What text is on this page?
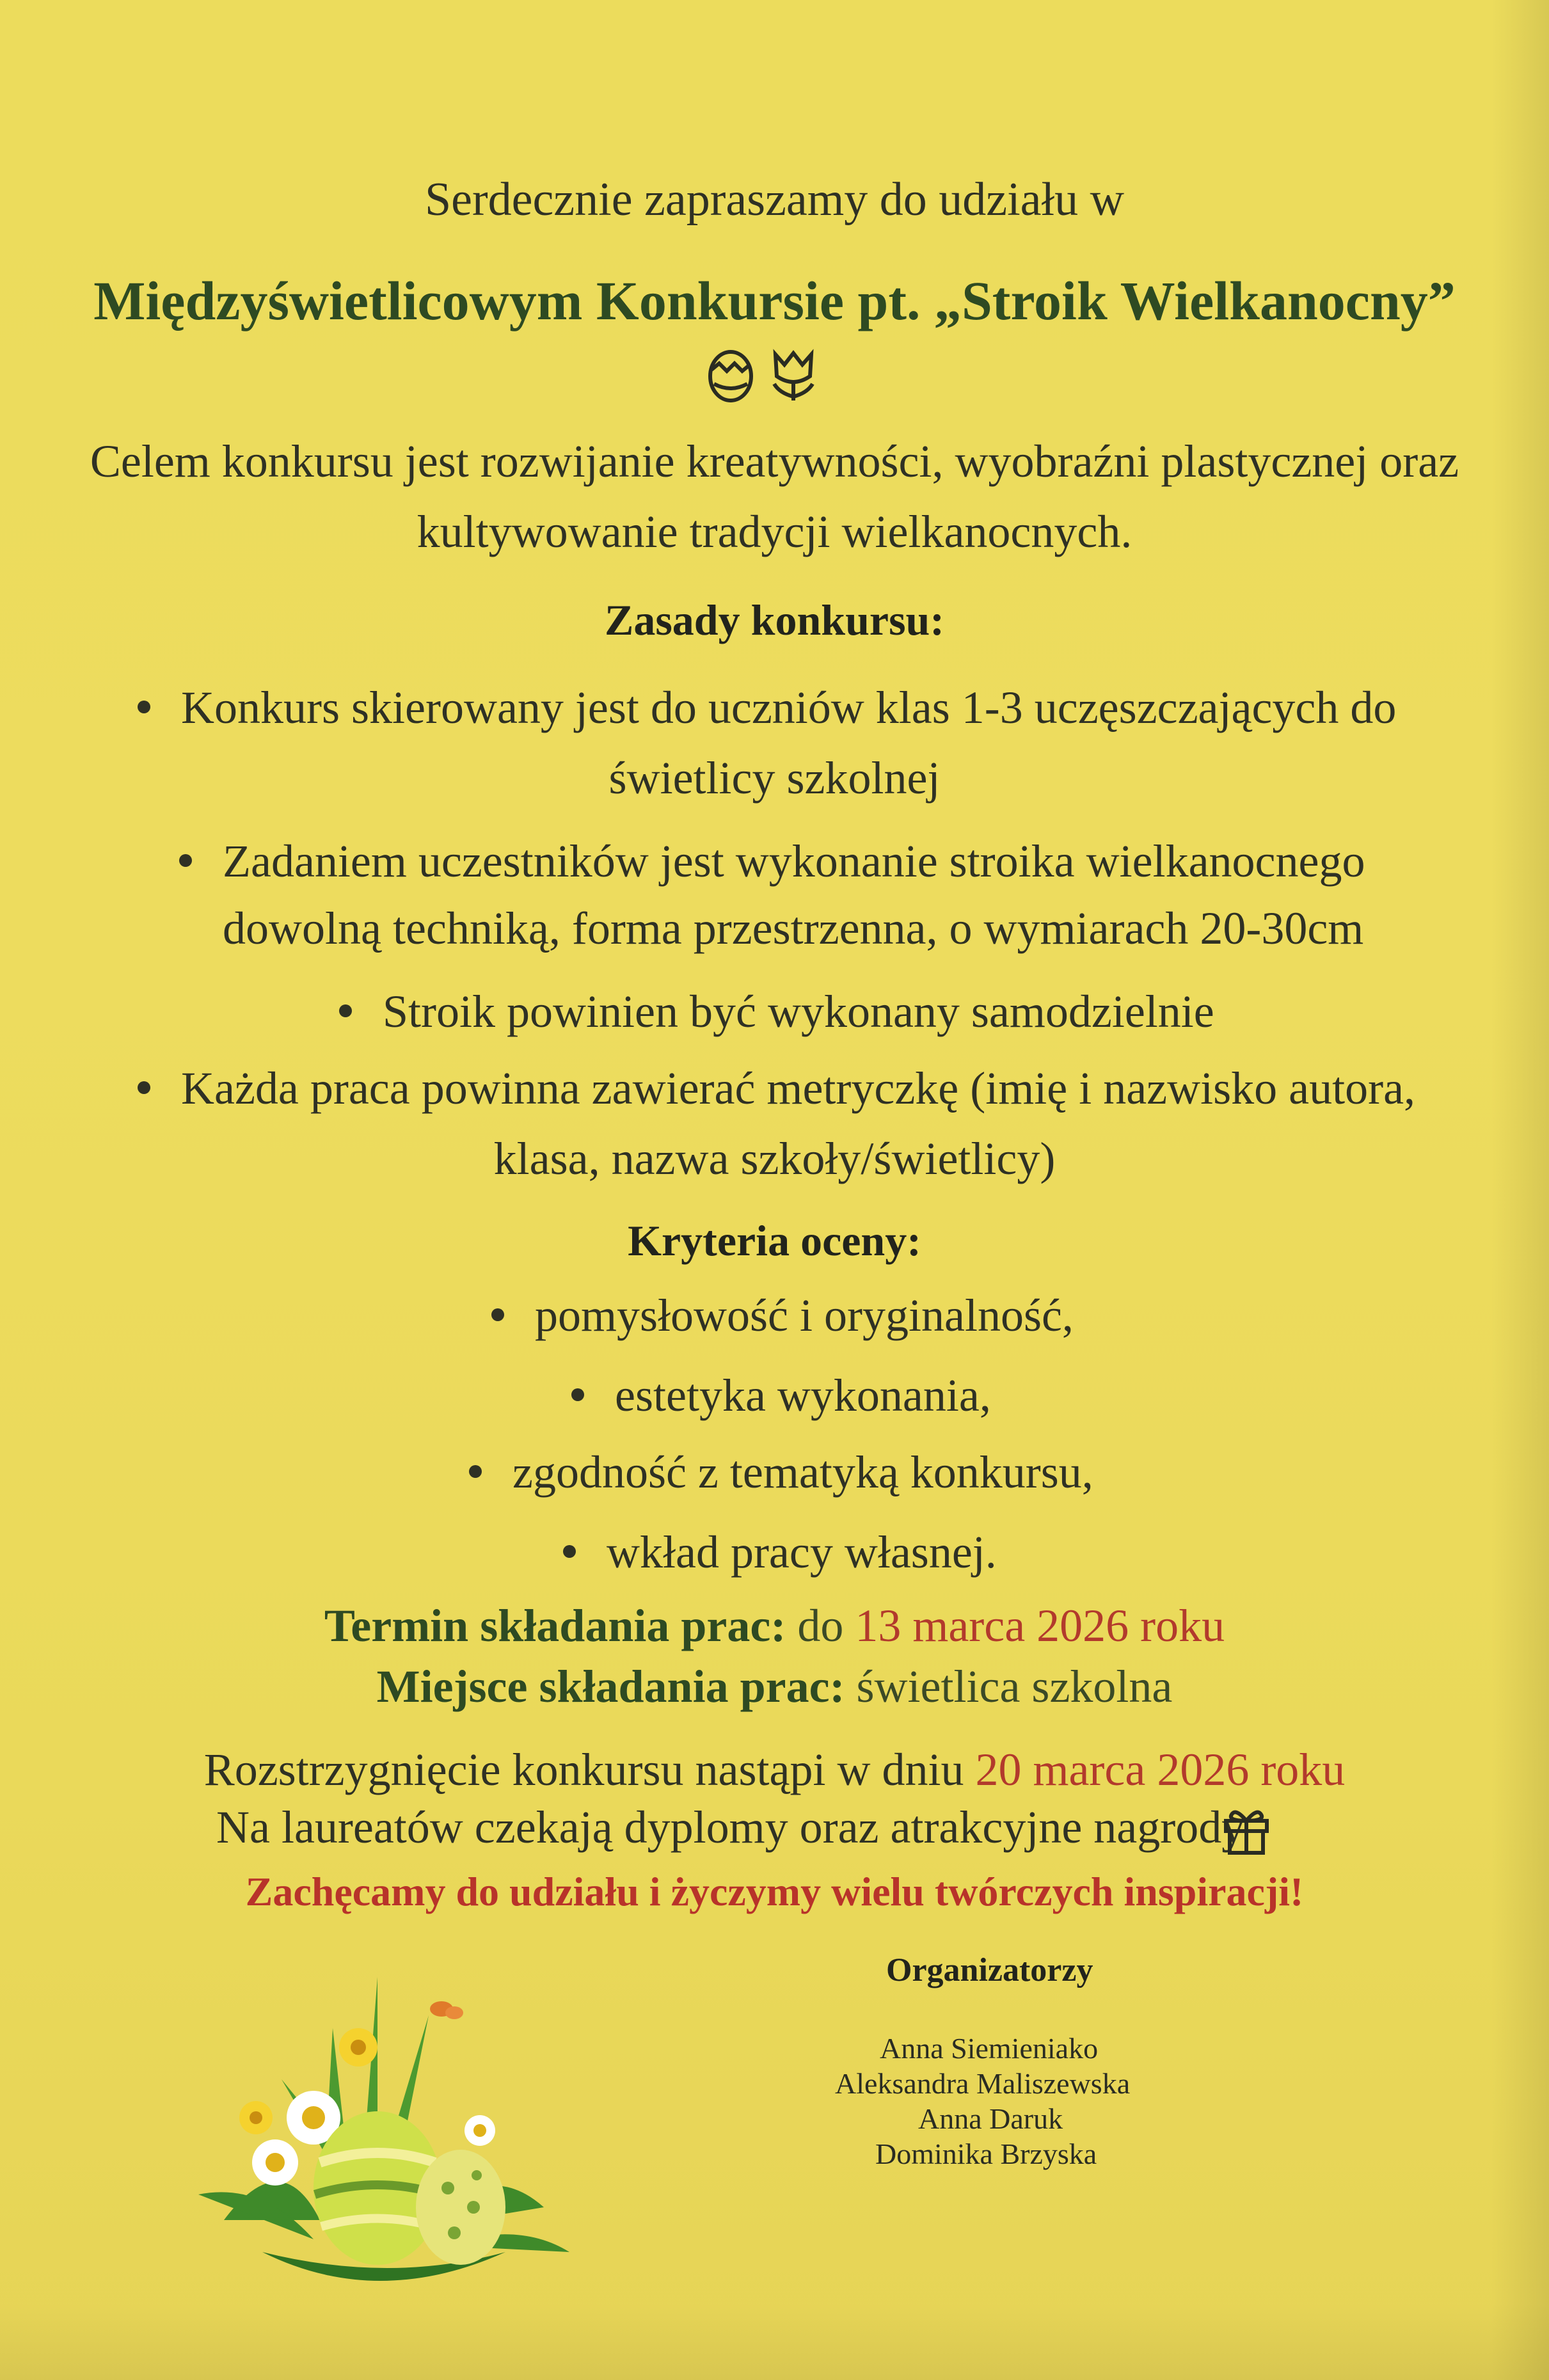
Serdecznie zapraszamy do udziału w
Międzyświetlicowym Konkursie pt. „Stroik Wielkanocny”
Celem konkursu jest rozwijanie kreatywności, wyobraźni plastycznej oraz
kultywowanie tradycji wielkanocnych.
Zasady konkursu:
Konkurs skierowany jest do uczniów klas 1-3 uczęszczających do
świetlicy szkolnej
Zadaniem uczestników jest wykonanie stroika wielkanocnego
dowolną techniką, forma przestrzenna, o wymiarach 20-30cm
Stroik powinien być wykonany samodzielnie
Każda praca powinna zawierać metryczkę (imię i nazwisko autora,
klasa, nazwa szkoły/świetlicy)
Kryteria oceny:
pomysłowość i oryginalność,
estetyka wykonania,
zgodność z tematyką konkursu,
wkład pracy własnej.
Termin składania prac: do 13 marca 2026 roku
Miejsce składania prac: świetlica szkolna
Rozstrzygnięcie konkursu nastąpi w dniu 20 marca 2026 roku
Na laureatów czekają dyplomy oraz atrakcyjne nagrody
Zachęcamy do udziału i życzymy wielu twórczych inspiracji!
Organizatorzy
Anna Siemieniako
Aleksandra Maliszewska
Anna Daruk
Dominika Brzyska
